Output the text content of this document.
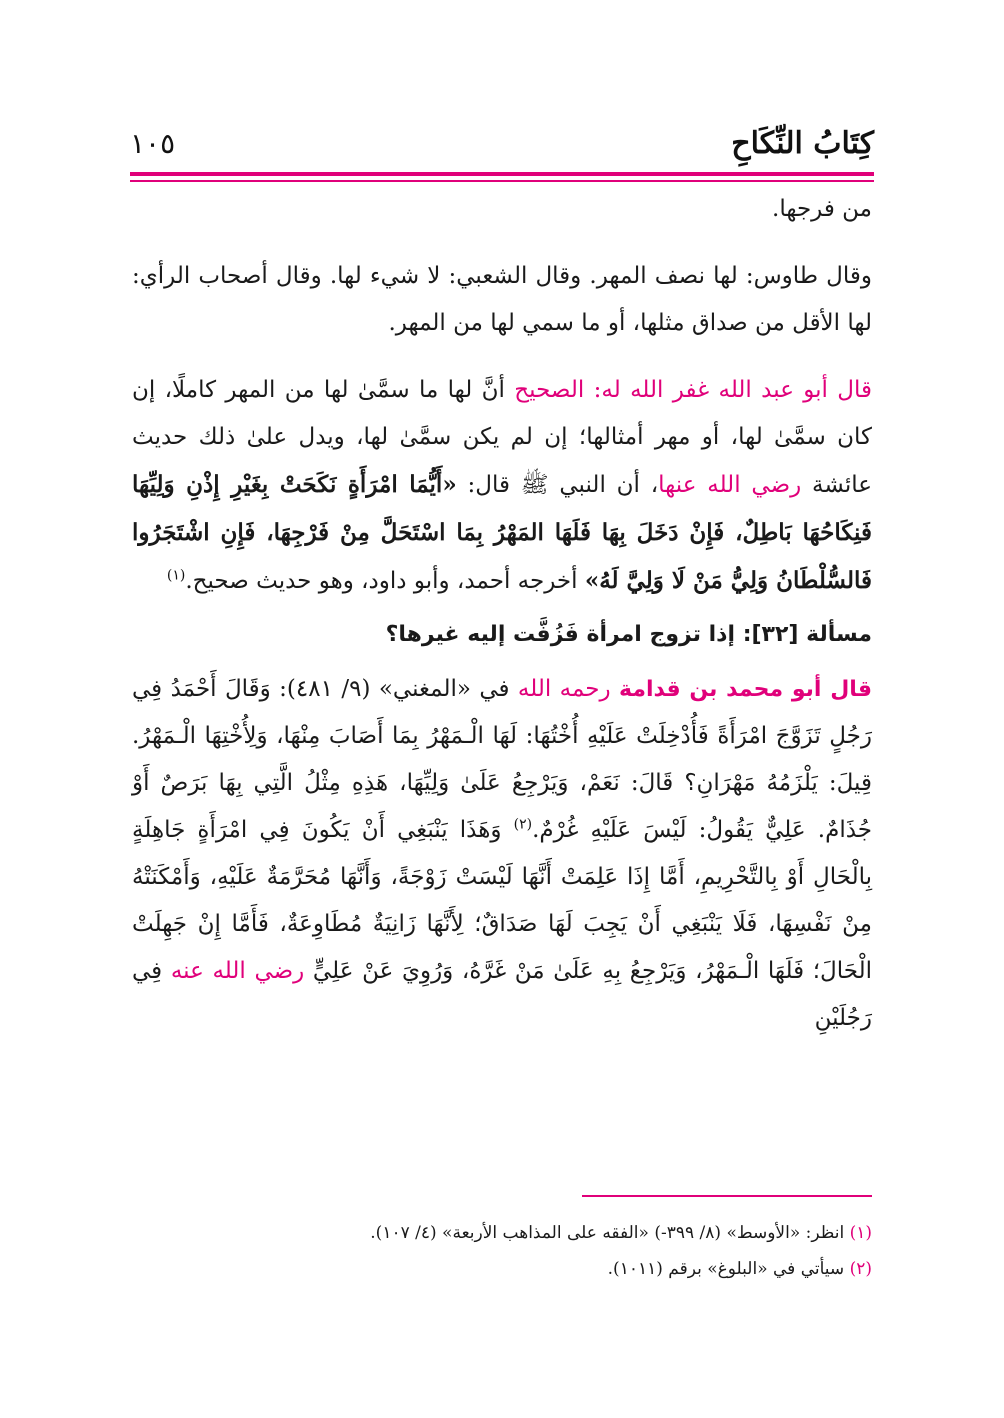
كِتَابُ النِّكَاحِ
١٠٥

من فرجها.

وقال طاوس: لها نصف المهر. وقال الشعبي: لا شيء لها. وقال أصحاب الرأي: لها الأقل من صداق مثلها، أو ما سمي لها من المهر.

قال أبو عبد الله غفر الله له: الصحيح أنَّ لها ما سمَّىٰ لها من المهر كاملًا، إن كان سمَّىٰ لها، أو مهر أمثالها؛ إن لم يكن سمَّىٰ لها، ويدل علىٰ ذلك حديث عائشة رضي الله عنها، أن النبي ﷺ قال: «أَيُّمَا امْرَأَةٍ نَكَحَتْ بِغَيْرِ إِذْنِ وَلِيِّهَا فَنِكَاحُهَا بَاطِلٌ، فَإِنْ دَخَلَ بِهَا فَلَهَا المَهْرُ بِمَا اسْتَحَلَّ مِنْ فَرْجِهَا، فَإِنِ اشْتَجَرُوا فَالسُّلْطَانُ وَلِيُّ مَنْ لَا وَلِيَّ لَهُ» أخرجه أحمد، وأبو داود، وهو حديث صحيح.$^{(١)}$

مسألة [٣٢]: إذا تزوج امرأة فَزُفَّت إليه غيرها؟

قال أبو محمد بن قدامة رحمه الله في «المغني» (٩/ ٤٨١): وَقَالَ أَحْمَدُ فِي رَجُلٍ تَزَوَّجَ امْرَأَةً فَأُدْخِلَتْ عَلَيْهِ أُخْتُهَا: لَهَا الْـمَهْرُ بِمَا أَصَابَ مِنْهَا، وَلِأُخْتِهَا الْـمَهْرُ. قِيلَ: يَلْزَمُهُ مَهْرَانِ؟ قَالَ: نَعَمْ، وَيَرْجِعُ عَلَىٰ وَلِيِّهَا، هَذِهِ مِثْلُ الَّتِي بِهَا بَرَصٌ أَوْ جُذَامٌ. عَلِيٌّ يَقُولُ: لَيْسَ عَلَيْهِ غُرْمٌ.$^{(٢)}$ وَهَذَا يَنْبَغِي أَنْ يَكُونَ فِي امْرَأَةٍ جَاهِلَةٍ بِالْحَالِ أَوْ بِالتَّحْرِيمِ، أَمَّا إِذَا عَلِمَتْ أَنَّهَا لَيْسَتْ زَوْجَةً، وَأَنَّهَا مُحَرَّمَةٌ عَلَيْهِ، وَأَمْكَنَتْهُ مِنْ نَفْسِهَا، فَلَا يَنْبَغِي أَنْ يَجِبَ لَهَا صَدَاقٌ؛ لِأَنَّهَا زَانِيَةٌ مُطَاوِعَةٌ، فَأَمَّا إِنْ جَهِلَتْ الْحَالَ؛ فَلَهَا الْـمَهْرُ، وَيَرْجِعُ بِهِ عَلَىٰ مَنْ غَرَّهُ، وَرُوِيَ عَنْ عَلِيٍّ رضي الله عنه فِي رَجُلَيْنِ

(١) انظر: «الأوسط» (٨/ ٣٩٩-) «الفقه على المذاهب الأربعة» (٤/ ١٠٧).
(٢) سيأتي في «البلوغ» برقم (١٠١١).
